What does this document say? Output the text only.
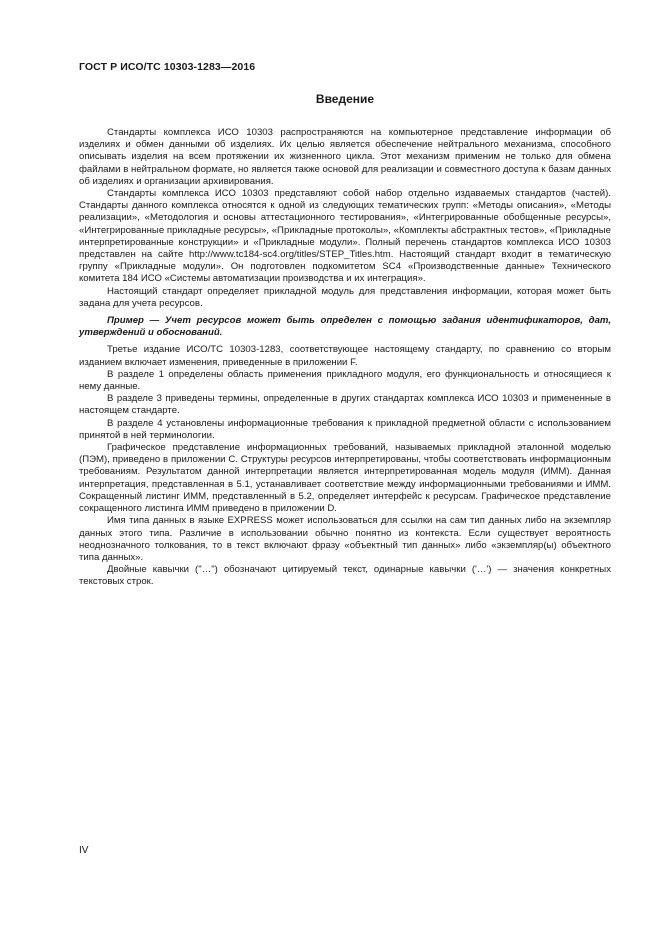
ГОСТ Р ИСО/ТС 10303-1283—2016
Введение

Стандарты комплекса ИСО 10303 распространяются на компьютерное представление информации об изделиях и обмен данными об изделиях. Их целью является обеспечение нейтрального механизма, способного описывать изделия на всем протяжении их жизненного цикла. Этот механизм применим не только для обмена файлами в нейтральном формате, но является также основой для реализации и совместного доступа к базам данных об изделиях и организации архивирования.

Стандарты комплекса ИСО 10303 представляют собой набор отдельно издаваемых стандартов (частей). Стандарты данного комплекса относятся к одной из следующих тематических групп: «Методы описания», «Методы реализации», «Методология и основы аттестационного тестирования», «Интегрированные обобщенные ресурсы», «Интегрированные прикладные ресурсы», «Прикладные протоколы», «Комплекты абстрактных тестов», «Прикладные интерпретированные конструкции» и «Прикладные модули». Полный перечень стандартов комплекса ИСО 10303 представлен на сайте http://www.tc184-sc4.org/titles/STEP_Titles.htm. Настоящий стандарт входит в тематическую группу «Прикладные модули». Он подготовлен подкомитетом SC4 «Производственные данные» Технического комитета 184 ИСО «Системы автоматизации производства и их интеграция».

Настоящий стандарт определяет прикладной модуль для представления информации, которая может быть задана для учета ресурсов.

Пример — Учет ресурсов может быть определен с помощью задания идентификаторов, дат, утверждений и обоснований.

Третье издание ИСО/ТС 10303-1283, соответствующее настоящему стандарту, по сравнению со вторым изданием включает изменения, приведенные в приложении F.

В разделе 1 определены область применения прикладного модуля, его функциональность и относящиеся к нему данные.

В разделе 3 приведены термины, определенные в других стандартах комплекса ИСО 10303 и примененные в настоящем стандарте.

В разделе 4 установлены информационные требования к прикладной предметной области с использованием принятой в ней терминологии.

Графическое представление информационных требований, называемых прикладной эталонной моделью (ПЭМ), приведено в приложении С. Структуры ресурсов интерпретированы, чтобы соответствовать информационным требованиям. Результатом данной интерпретации является интерпретированная модель модуля (ИММ). Данная интерпретация, представленная в 5.1, устанавливает соответствие между информационными требованиями и ИММ. Сокращенный листинг ИММ, представленный в 5.2, определяет интерфейс к ресурсам. Графическое представление сокращенного листинга ИММ приведено в приложении D.

Имя типа данных в языке EXPRESS может использоваться для ссылки на сам тип данных либо на экземпляр данных этого типа. Различие в использовании обычно понятно из контекста. Если существует вероятность неоднозначного толкования, то в текст включают фразу «объектный тип данных» либо «экземпляр(ы) объектного типа данных».

Двойные кавычки ("…") обозначают цитируемый текст, одинарные кавычки ('…') — значения конкретных текстовых строк.

IV
